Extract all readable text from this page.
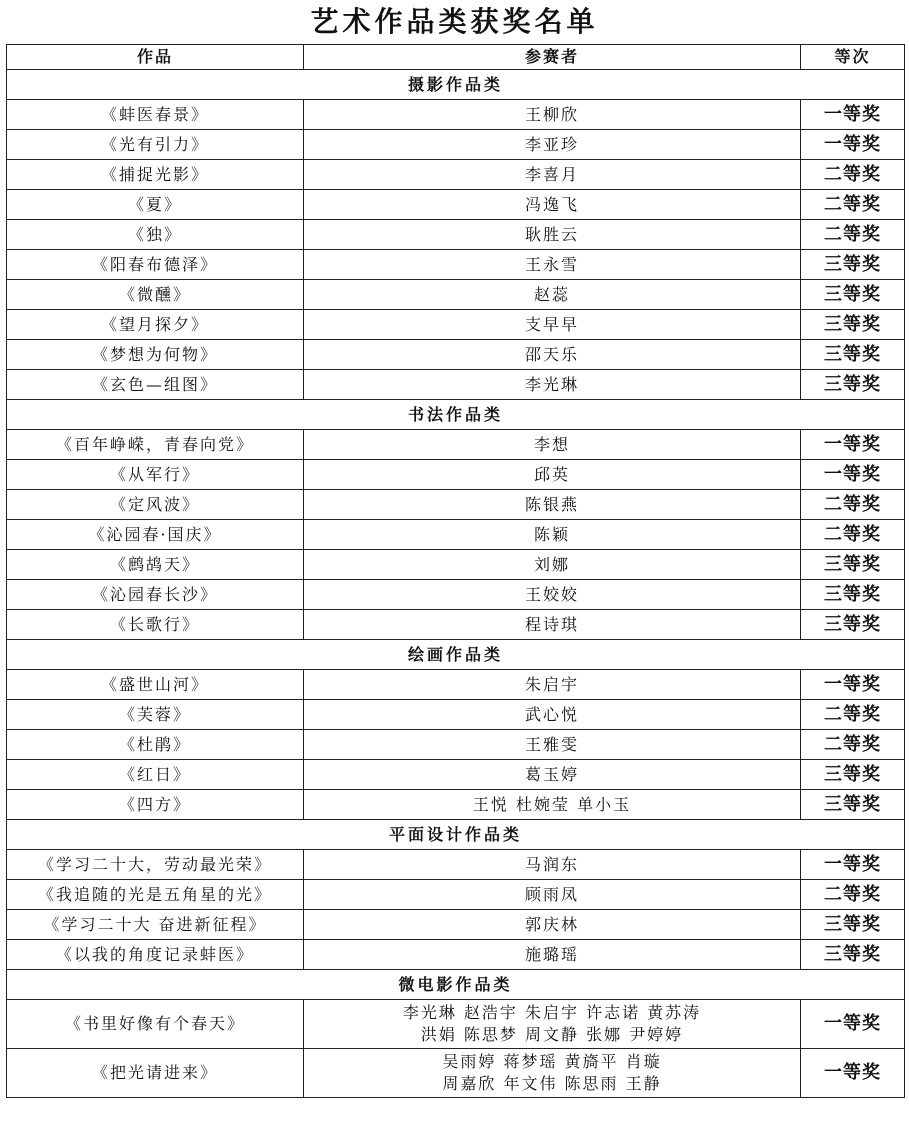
艺术作品类获奖名单
作品	参赛者	等次
摄影作品类		
《蚌医春景》	王柳欣	一等奖
《光有引力》	李亚珍	一等奖
《捕捉光影》	李喜月	二等奖
《夏》	冯逸飞	二等奖
《独》	耿胜云	二等奖
《阳春布德泽》	王永雪	三等奖
《微醺》	赵蕊	三等奖
《望月探夕》	支早早	三等奖
《梦想为何物》	邵天乐	三等奖
《玄色—组图》	李光琳	三等奖
书法作品类		
《百年峥嵘，青春向党》	李想	一等奖
《从军行》	邱英	一等奖
《定风波》	陈银燕	二等奖
《沁园春·国庆》	陈颖	二等奖
《鹧鸪天》	刘娜	三等奖
《沁园春长沙》	王姣姣	三等奖
《长歌行》	程诗琪	三等奖
绘画作品类		
《盛世山河》	朱启宇	一等奖
《芙蓉》	武心悦	二等奖
《杜鹃》	王雅雯	二等奖
《红日》	葛玉婷	三等奖
《四方》	王悦 杜婉莹 单小玉	三等奖
平面设计作品类		
《学习二十大，劳动最光荣》	马润东	一等奖
《我追随的光是五角星的光》	顾雨凤	二等奖
《学习二十大 奋进新征程》	郭庆林	三等奖
《以我的角度记录蚌医》	施璐瑶	三等奖
微电影作品类		
《书里好像有个春天》	李光琳 赵浩宇 朱启宇 许志诺 黄苏涛
洪娟 陈思梦 周文静 张娜 尹婷婷	一等奖
《把光请进来》	吴雨婷 蒋梦瑶 黄旖平 肖璇
周嘉欣 年文伟 陈思雨 王静	一等奖
